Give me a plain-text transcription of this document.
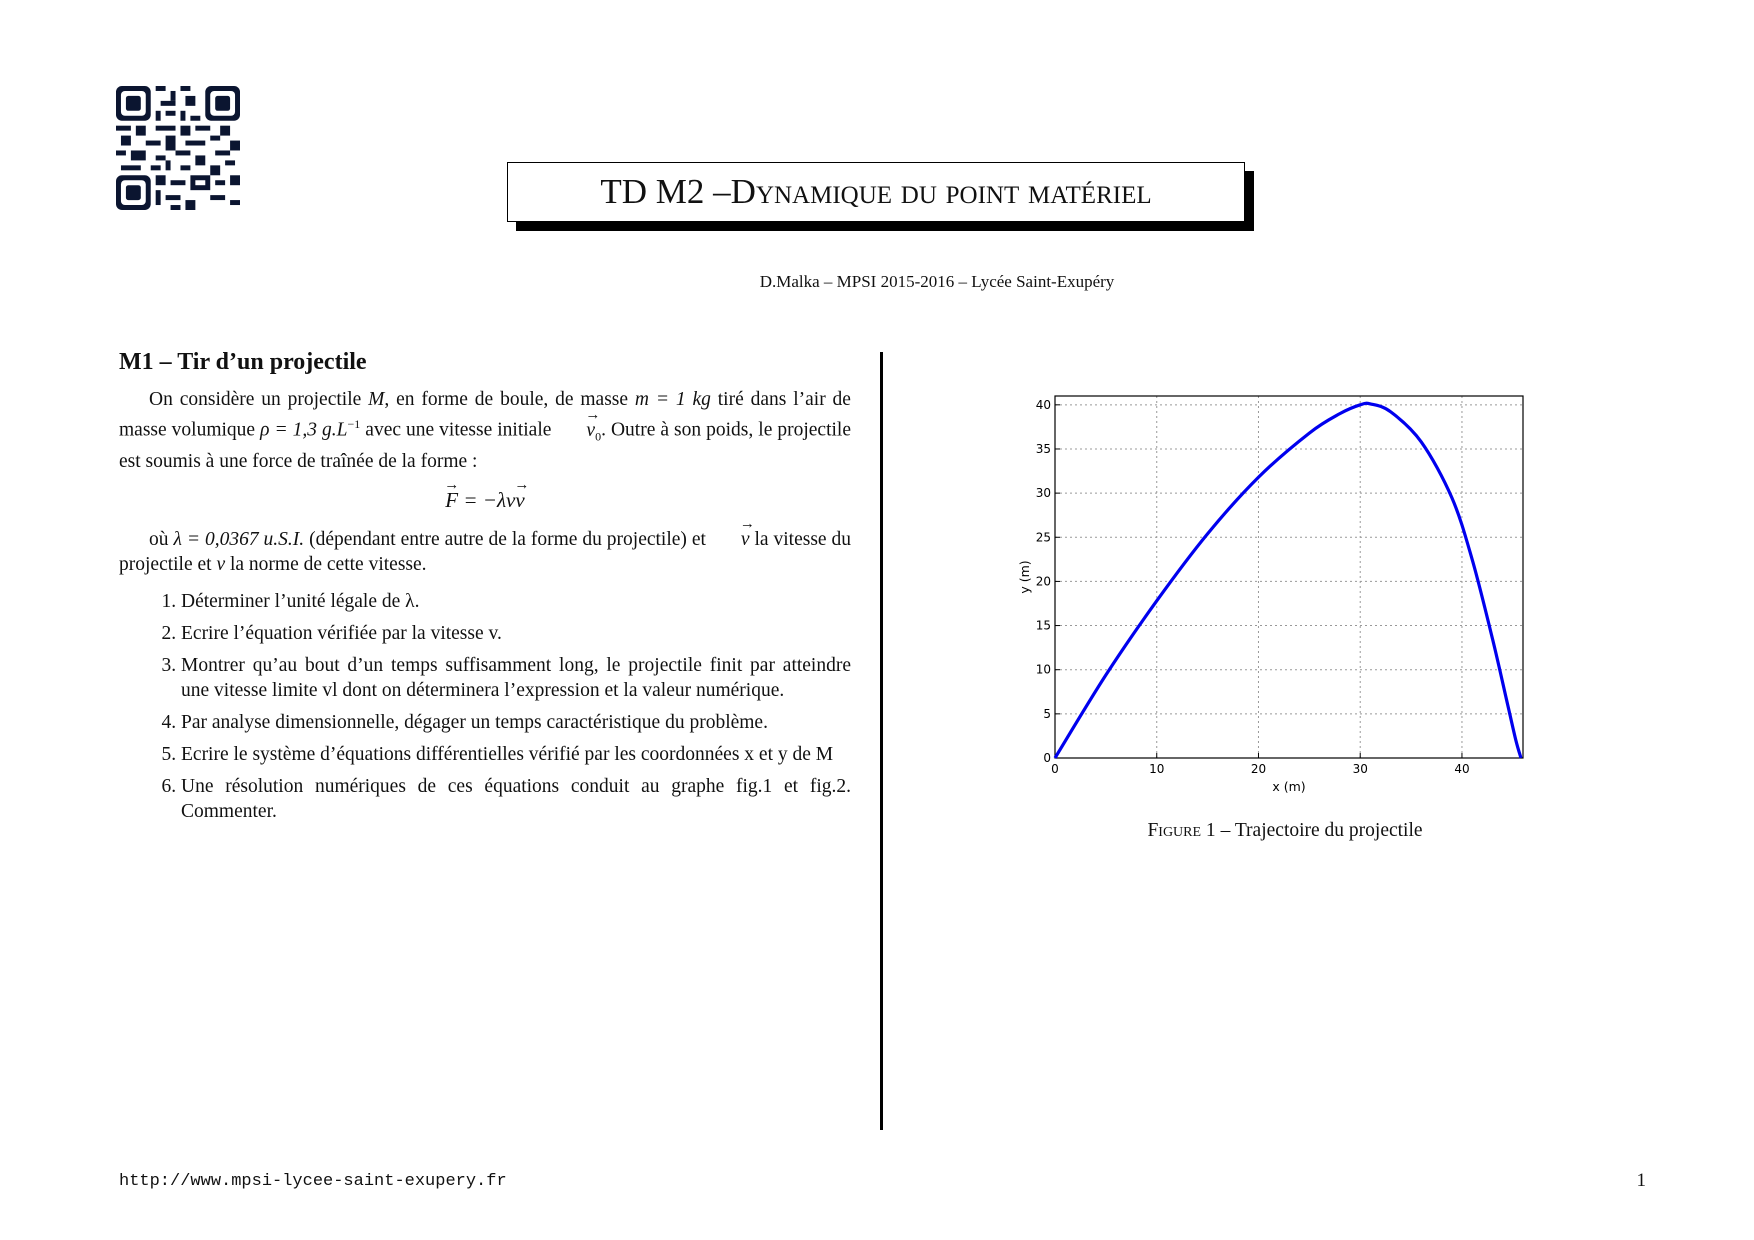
TD M2 – Dynamique du point matériel
D.Malka – MPSI 2015-2016 – Lycée Saint-Exupéry
M1 – Tir d’un projectile

On considère un projectile M, en forme de boule, de masse m = 1 kg tiré dans l’air de masse volumique ρ = 1,3 $g.L^{-1}$ avec une vitesse initiale → $v_0$. Outre à son poids, le projectile est soumis à une force de traînée de la forme :

→ F = −λv→ v

où λ = 0,0367 u.S.I. (dépendant entre autre de la forme du projectile) et → v la vitesse du projectile et v la norme de cette vitesse.

1. Déterminer l’unité légale de λ.
2. Ecrire l’équation vérifiée par la vitesse v.
3. Montrer qu’au bout d’un temps suffisamment long, le projectile finit par atteindre une vitesse limite vl dont on déterminera l’expression et la valeur numérique.
4. Par analyse dimensionnelle, dégager un temps caractéristique du problème.
5. Ecrire le système d’équations différentielles vérifié par les coordonnées x et y de M
6. Une résolution numériques de ces équations conduit au graphe fig.1 et fig.2. Commenter.
0	10	20	30	40
0
5
10
15
20
25
30
35
40
x (m)
y (m)
Figure 1 – Trajectoire du projectile
http://www.mpsi-lycee-saint-exupery.fr	1
